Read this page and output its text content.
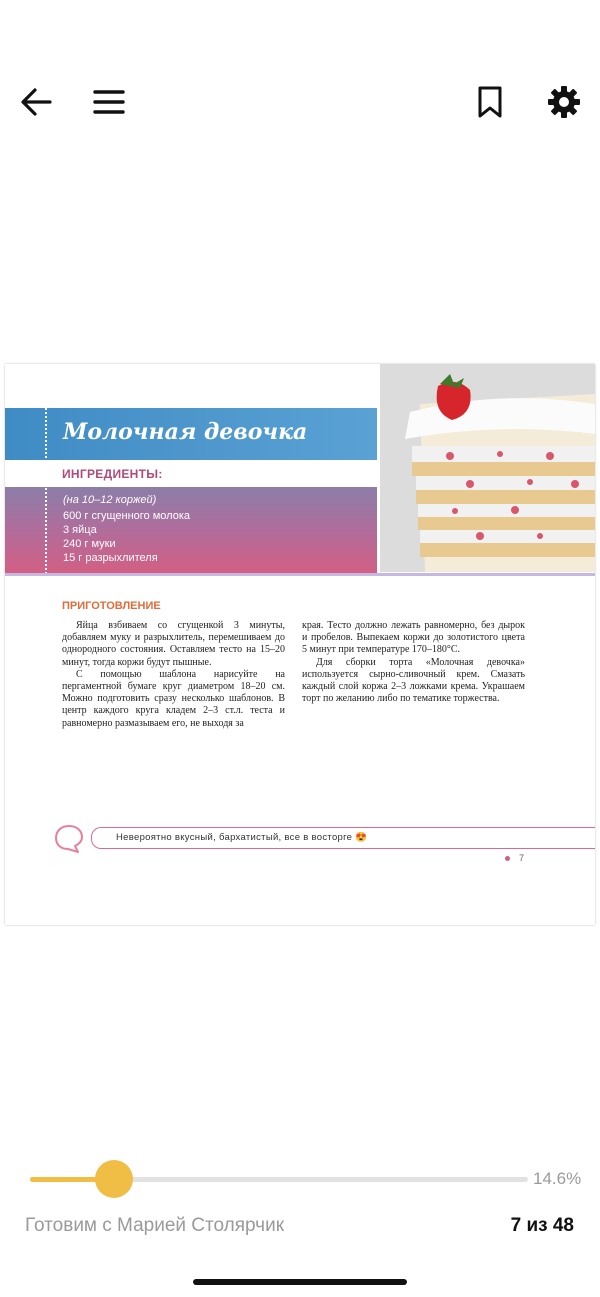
Молочная девочка
ИНГРЕДИЕНТЫ:
(на 10–12 коржей)
600 г сгущенного молока
3 яйца
240 г муки
15 г разрыхлителя
ПРИГОТОВЛЕНИЕ

Яйца взбиваем со сгущенкой 3 минуты, добавляем муку и разрыхлитель, перемешиваем до однородного состояния. Оставляем тесто на 15–20 минут, тогда коржи будут пышные.

С помощью шаблона нарисуйте на пергаментной бумаге круг диаметром 18–20 см. Можно подготовить сразу несколько шаблонов. В центр каждого круга кладем 2–3 ст.л. теста и равномерно размазываем его, не выходя за

края. Тесто должно лежать равномерно, без дырок и пробелов. Выпекаем коржи до золотистого цвета 5 минут при температуре 170–180°С.

Для сборки торта «Молочная девочка» используется сырно-сливочный крем. Смазать каждый слой коржа 2–3 ложками крема. Украшаем торт по желанию либо по тематике торжества.

Невероятно вкусный, бархатистый, все в восторге 😍
7
14.6%
Готовим с Марией Столярчик	7 из 48
